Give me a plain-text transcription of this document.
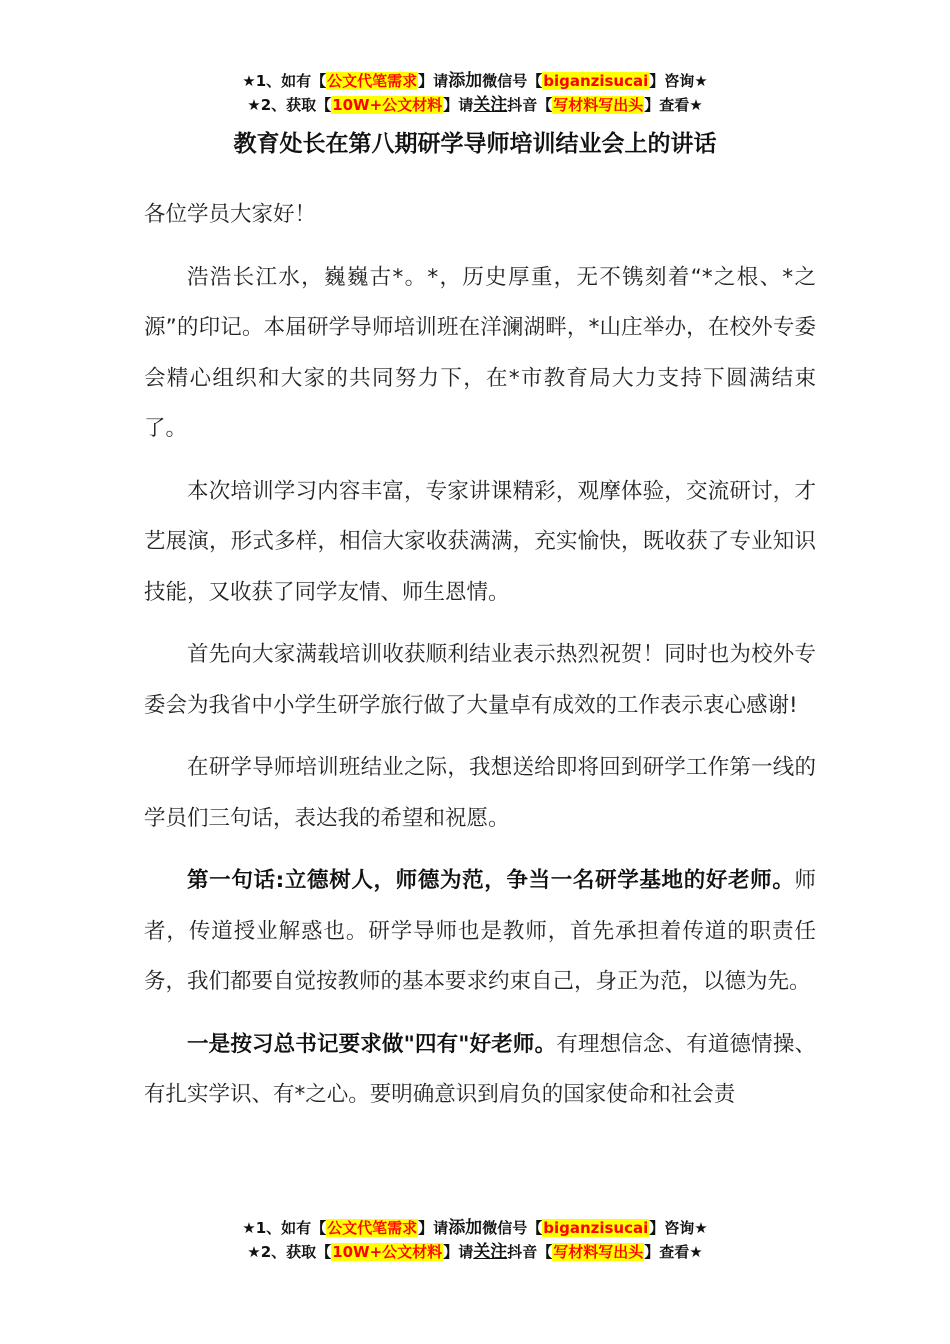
★1、如有【公文代笔需求】请添加微信号【biganzisucai】咨询★
★2、获取【10W+公文材料】请关注抖音【写材料写出头】查看★
教育处长在第八期研学导师培训结业会上的讲话

各位学员大家好！

浩浩长江水，巍巍古*。*，历史厚重，无不镌刻着“*之根、*之源”的印记。本届研学导师培训班在洋澜湖畔，*山庄举办，在校外专委会精心组织和大家的共同努力下，在*市教育局大力支持下圆满结束了。

本次培训学习内容丰富，专家讲课精彩，观摩体验，交流研讨，才艺展演，形式多样，相信大家收获满满，充实愉快，既收获了专业知识技能，又收获了同学友情、师生恩情。

首先向大家满载培训收获顺利结业表示热烈祝贺！同时也为校外专委会为我省中小学生研学旅行做了大量卓有成效的工作表示衷心感谢!

在研学导师培训班结业之际，我想送给即将回到研学工作第一线的学员们三句话，表达我的希望和祝愿。

第一句话:立德树人，师德为范，争当一名研学基地的好老师。师者，传道授业解惑也。研学导师也是教师，首先承担着传道的职责任务，我们都要自觉按教师的基本要求约束自己，身正为范，以德为先。

一是按习总书记要求做"四有"好老师。有理想信念、有道德情操、有扎实学识、有*之心。要明确意识到肩负的国家使命和社会责

★1、如有【公文代笔需求】请添加微信号【biganzisucai】咨询★
★2、获取【10W+公文材料】请关注抖音【写材料写出头】查看★
